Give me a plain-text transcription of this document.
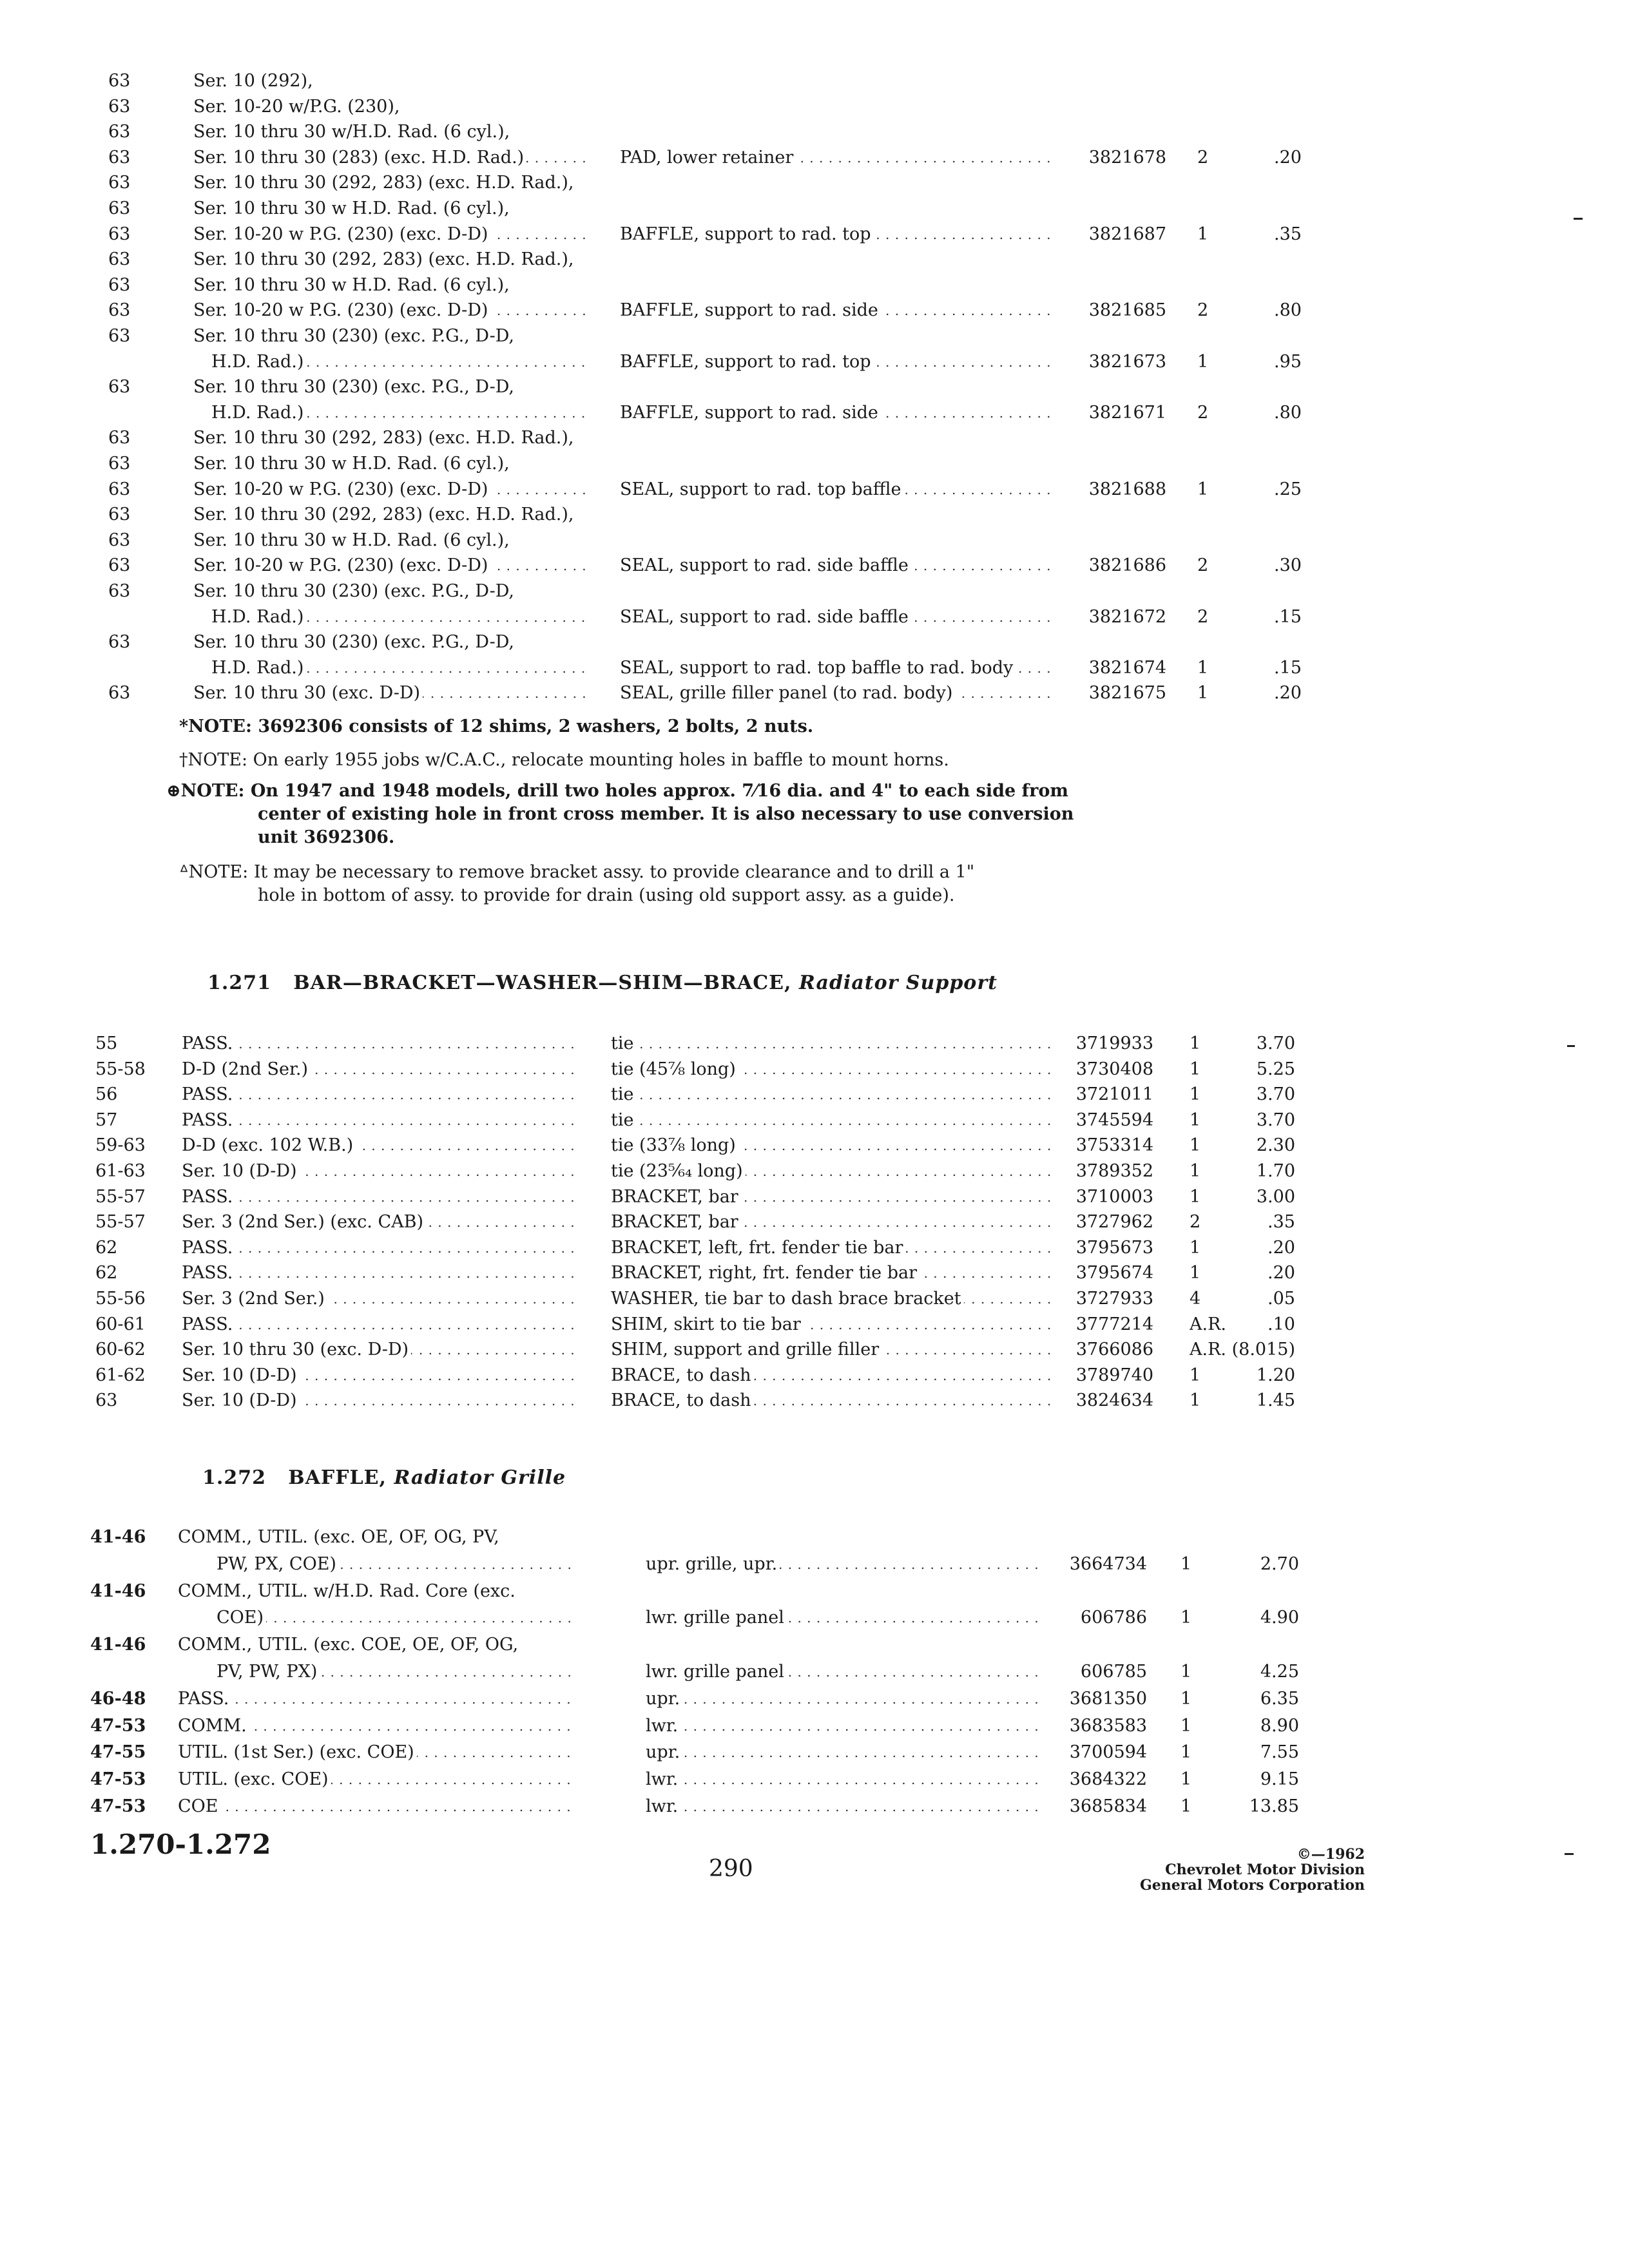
63	Ser. 10 (292),
63	Ser. 10-20 w/P.G. (230),
63	Ser. 10 thru 30 w/H.D. Rad. (6 cyl.),
63	Ser. 10 thru 30 (283) (exc. H.D. Rad.) . . .	PAD, lower retainer . . .	3821678 2	.20
63	Ser. 10 thru 30 (292, 283) (exc. H.D. Rad.),
63	Ser. 10 thru 30 w H.D. Rad. (6 cyl.),
63	Ser. 10-20 w P.G. (230) (exc. D-D) . . .	BAFFLE, support to rad. top . . .	3821687 1	.35
63	Ser. 10 thru 30 (292, 283) (exc. H.D. Rad.),
63	Ser. 10 thru 30 w H.D. Rad. (6 cyl.),
63	Ser. 10-20 w P.G. (230) (exc. D-D) . . .	BAFFLE, support to rad. side . . .	3821685 2	.80
63	Ser. 10 thru 30 (230) (exc. P.G., D-D,
H.D. Rad.) . . .	BAFFLE, support to rad. top . . .	3821673 1	.95
63	Ser. 10 thru 30 (230) (exc. P.G., D-D,
H.D. Rad.) . . .	BAFFLE, support to rad. side . . .	3821671 2	.80
63	Ser. 10 thru 30 (292, 283) (exc. H.D. Rad.),
63	Ser. 10 thru 30 w H.D. Rad. (6 cyl.),
63	Ser. 10-20 w P.G. (230) (exc. D-D) . . .	SEAL, support to rad. top baffle . . .	3821688 1	.25
63	Ser. 10 thru 30 (292, 283) (exc. H.D. Rad.),
63	Ser. 10 thru 30 w H.D. Rad. (6 cyl.),
63	Ser. 10-20 w P.G. (230) (exc. D-D) . . .	SEAL, support to rad. side baffle . . .	3821686 2	.30
63	Ser. 10 thru 30 (230) (exc. P.G., D-D,
H.D. Rad.) . . .	SEAL, support to rad. side baffle . . .	3821672 2	.15
63	Ser. 10 thru 30 (230) (exc. P.G., D-D,
H.D. Rad.) . . .	SEAL, support to rad. top baffle to rad. body . . .	3821674 1	.15
63	Ser. 10 thru 30 (exc. D-D) . . .	SEAL, grille filler panel (to rad. body) . . .	3821675 1	.20
*NOTE: 3692306 consists of 12 shims, 2 washers, 2 bolts, 2 nuts.
†NOTE: On early 1955 jobs w/C.A.C., relocate mounting holes in baffle to mount horns.
⊕NOTE: On 1947 and 1948 models, drill two holes approx. 7⁄16 dia. and 4" to each side from
center of existing hole in front cross member. It is also necessary to use conversion
unit 3692306.
ᐞNOTE: It may be necessary to remove bracket assy. to provide clearance and to drill a 1"
hole in bottom of assy. to provide for drain (using old support assy. as a guide).
1.271 BAR—BRACKET—WASHER—SHIM—BRACE, Radiator Support
55	PASS. . . .	tie . . .	3719933 1	3.70
55-58	D-D (2nd Ser.) . . .	tie (45⅞ long) . . .	3730408 1	5.25
56	PASS. . . .	tie . . .	3721011 1	3.70
57	PASS. . . .	tie . . .	3745594 1	3.70
59-63	D-D (exc. 102 W.B.) . . .	tie (33⅞ long) . . .	3753314 1	2.30
61-63	Ser. 10 (D-D) . . .	tie (23⁵⁄₆₄ long) . . .	3789352 1	1.70
55-57	PASS. . . .	BRACKET, bar . . .	3710003 1	3.00
55-57	Ser. 3 (2nd Ser.) (exc. CAB) . . .	BRACKET, bar . . .	3727962 2	.35
62	PASS. . . .	BRACKET, left, frt. fender tie bar . . .	3795673 1	.20
62	PASS. . . .	BRACKET, right, frt. fender tie bar . . .	3795674 1	.20
55-56	Ser. 3 (2nd Ser.) . . .	WASHER, tie bar to dash brace bracket . . .	3727933 4	.05
60-61	PASS. . . .	SHIM, skirt to tie bar . . .	3777214 A.R.	.10
60-62	Ser. 10 thru 30 (exc. D-D) . . .	SHIM, support and grille filler . . .	3766086 A.R. (8.015)
61-62	Ser. 10 (D-D) . . .	BRACE, to dash . . .	3789740 1	1.20
63	Ser. 10 (D-D) . . .	BRACE, to dash . . .	3824634 1	1.45
1.272 BAFFLE, Radiator Grille
41-46	COMM., UTIL. (exc. OE, OF, OG, PV,
PW, PX, COE) . . .	upr. grille, upr. . . .	3664734 1	2.70
41-46	COMM., UTIL. w/H.D. Rad. Core (exc.
COE) . . .	lwr. grille panel . . .	606786 1	4.90
41-46	COMM., UTIL. (exc. COE, OE, OF, OG,
PV, PW, PX) . . .	lwr. grille panel . . .	606785 1	4.25
46-48	PASS. . . .	upr. . . .	3681350 1	6.35
47-53	COMM. . . .	lwr. . . .	3683583 1	8.90
47-55	UTIL. (1st Ser.) (exc. COE) . . .	upr. . . .	3700594 1	7.55
47-53	UTIL. (exc. COE) . . .	lwr. . . .	3684322 1	9.15
47-53	COE . . .	lwr. . . .	3685834 1	13.85
1.270-1.272
290
©—1962
Chevrolet Motor Division
General Motors Corporation
